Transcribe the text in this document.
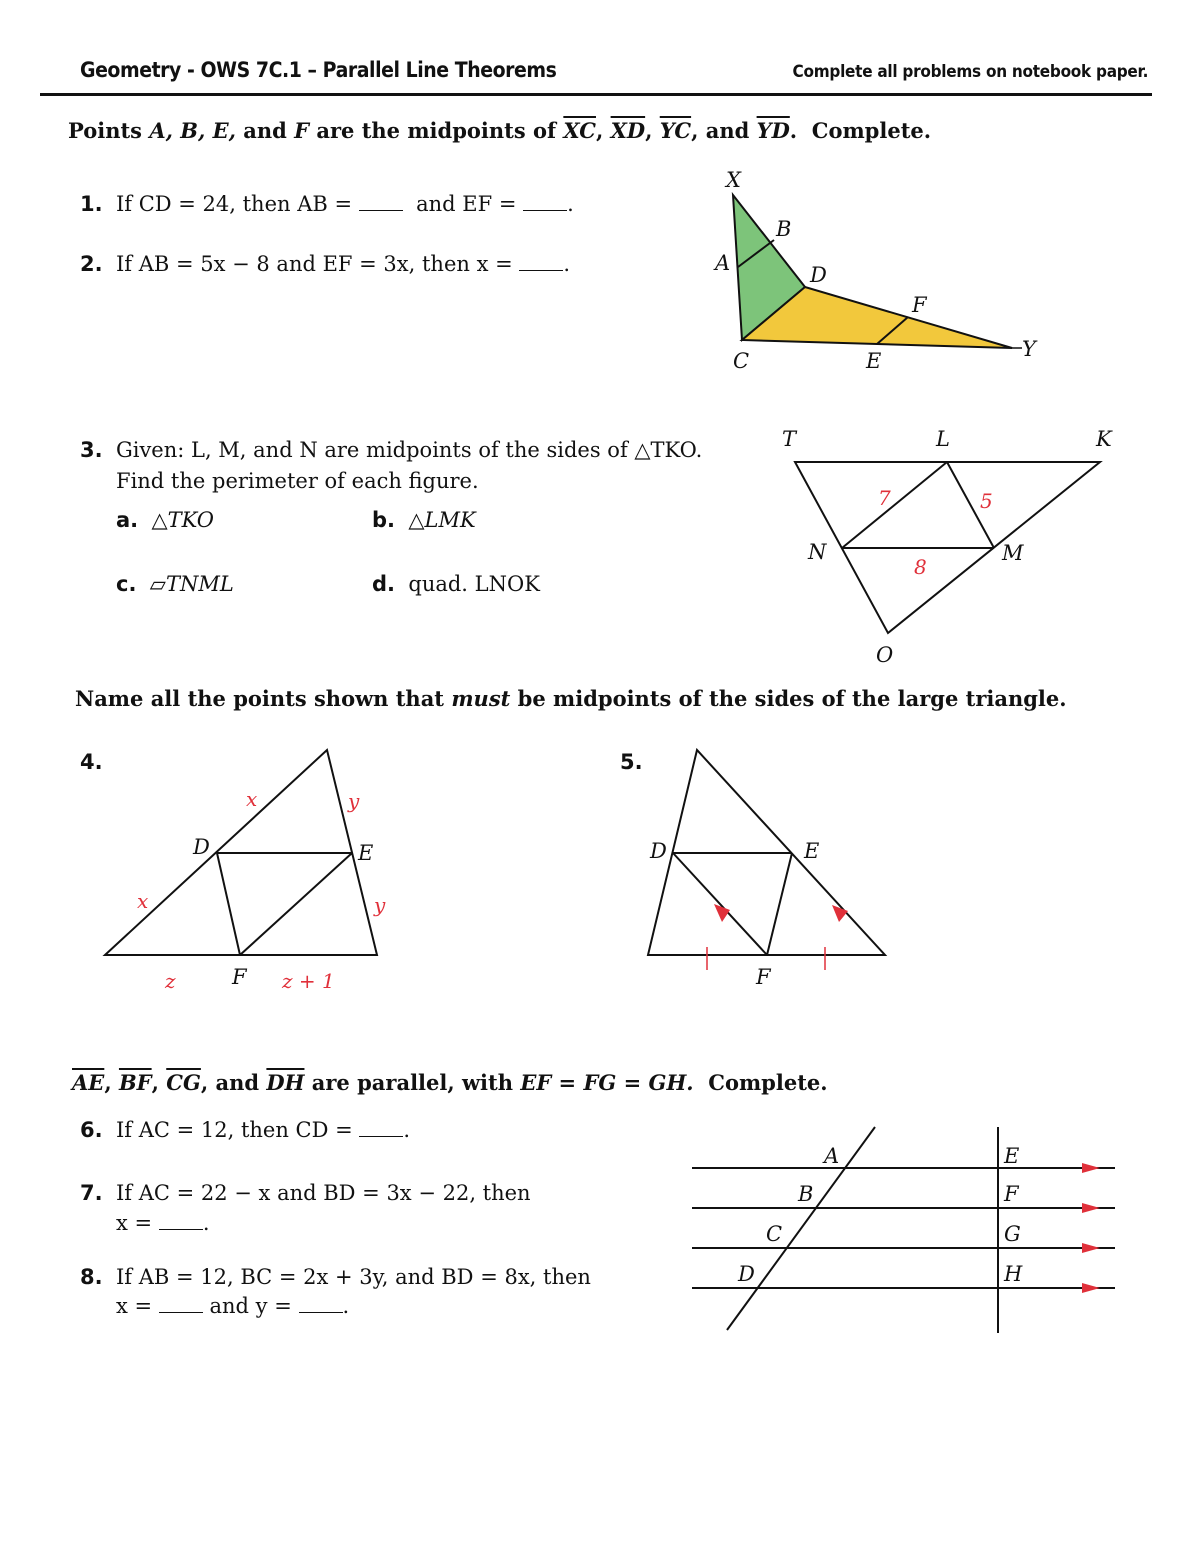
Geometry - OWS 7C.1 – Parallel Line Theorems	Complete all problems on notebook paper.
Points A, B, E, and F are the midpoints of $\overline{XC}$, $\overline{XD}$, $\overline{YC}$, and $\overline{YD}$.  Complete.
1. If CD = 24, then AB =	and EF = .
2. If AB = 5x − 8 and EF = 3x, then x = .
X
B
A	D
F
Y
C	E
3. Given: L, M, and N are midpoints of the sides of △TKO.
Find the perimeter of each figure.
a. △TKO	b. △LMK
c. ▱TNML	d. quad. LNOK
T	L	K
N	M
O
7	5
8
Name all the points shown that must be midpoints of the sides of the large triangle.
4.	5.
D	E
F
x
x
y
y
z	z + 1
D	E
F
$\overline{AE}$, $\overline{BF}$, $\overline{CG}$, and $\overline{DH}$ are parallel, with EF = FG = GH. Complete.
6. If AC = 12, then CD = .
7. If AC = 22 − x and BD = 3x − 22, then
x = .
8. If AB = 12, BC = 2x + 3y, and BD = 8x, then
x =	and y = .
A
B
C
D
E
F
G
H
